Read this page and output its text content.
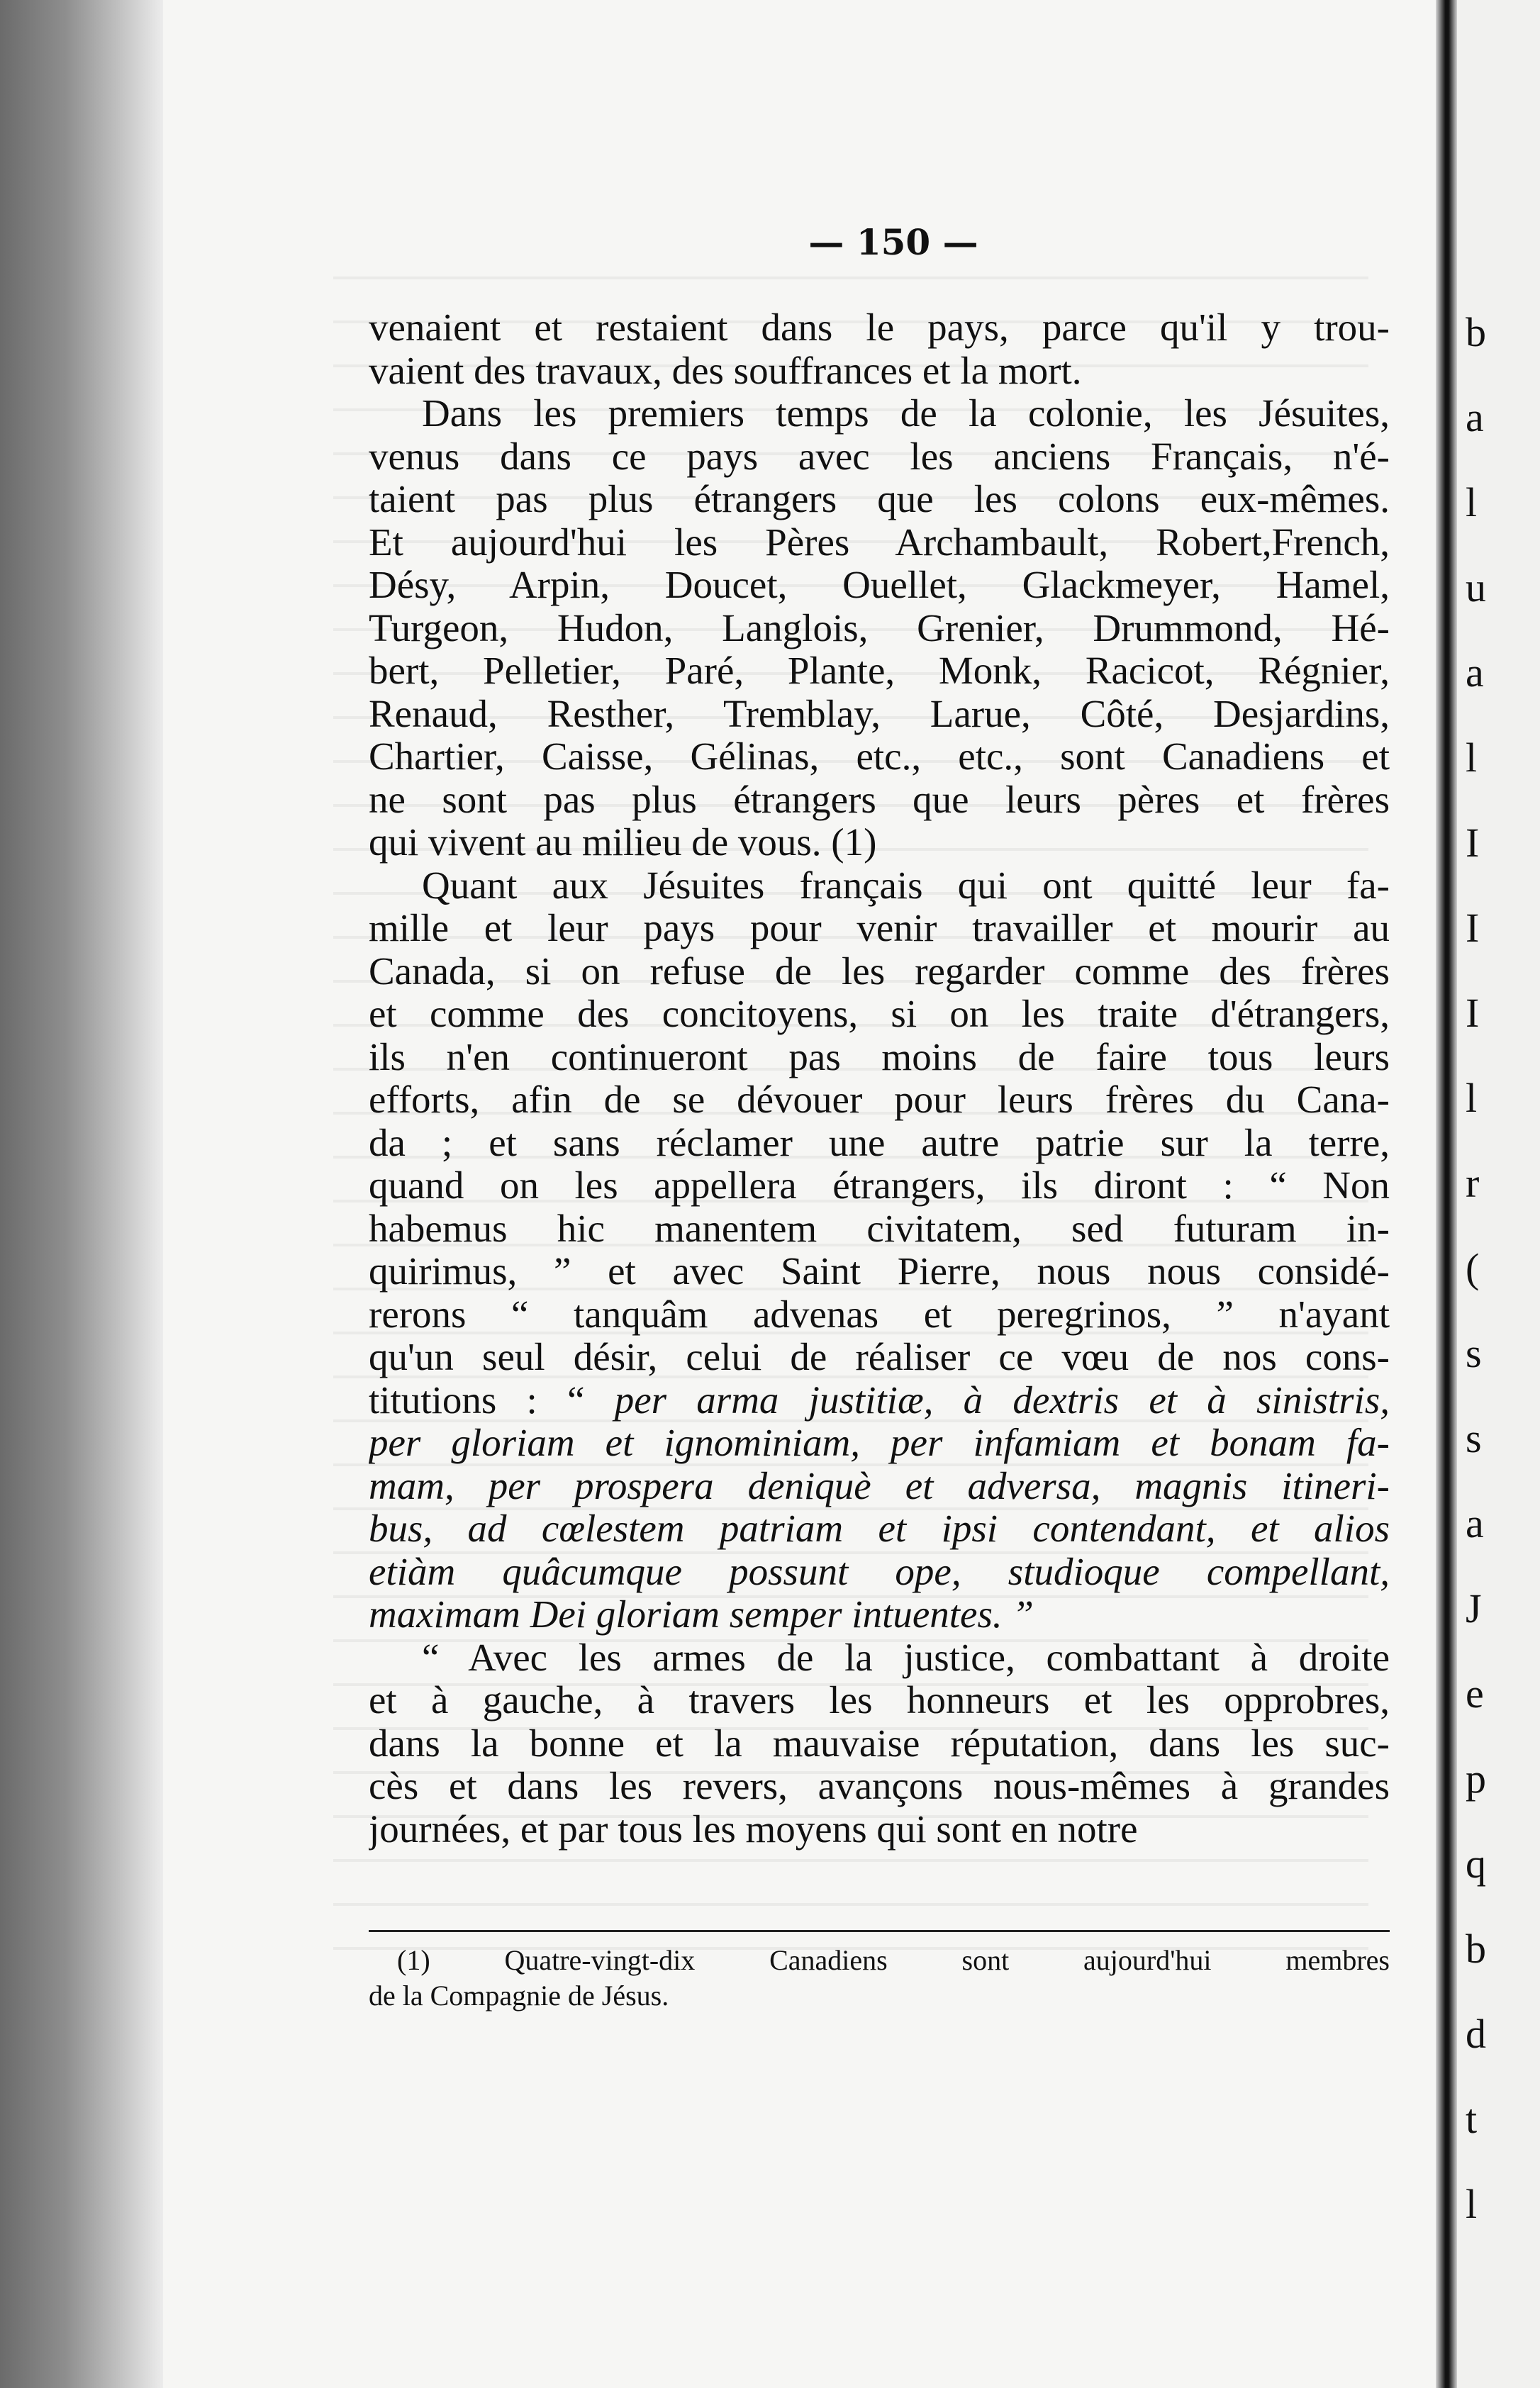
b
a
l
u
a
l
I
I
I
l
r
(
s
s
a
J
e
p
q
b
d
t
l
— 150 —
venaient et restaient dans le pays, parce qu'il y trou-
vaient des travaux, des souffrances et la mort.
Dans les premiers temps de la colonie, les Jésuites,
venus dans ce pays avec les anciens Français, n'é-
taient pas plus étrangers que les colons eux-mêmes.
Et aujourd'hui les Pères Archambault, Robert,French,
Désy, Arpin, Doucet, Ouellet, Glackmeyer, Hamel,
Turgeon, Hudon, Langlois, Grenier, Drummond, Hé-
bert, Pelletier, Paré, Plante, Monk, Racicot, Régnier,
Renaud, Resther, Tremblay, Larue, Côté, Desjardins,
Chartier, Caisse, Gélinas, etc., etc., sont Canadiens et
ne sont pas plus étrangers que leurs pères et frères
qui vivent au milieu de vous. (1)
Quant aux Jésuites français qui ont quitté leur fa-
mille et leur pays pour venir travailler et mourir au
Canada, si on refuse de les regarder comme des frères
et comme des concitoyens, si on les traite d'étrangers,
ils n'en continueront pas moins de faire tous leurs
efforts, afin de se dévouer pour leurs frères du Cana-
da ; et sans réclamer une autre patrie sur la terre,
quand on les appellera étrangers, ils diront : “ Non
habemus hic manentem civitatem, sed futuram in-
quirimus, ” et avec Saint Pierre, nous nous considé-
rerons “ tanquâm advenas et peregrinos, ” n'ayant
qu'un seul désir, celui de réaliser ce vœu de nos cons-
titutions : “ per arma justitiæ, à dextris et à sinistris,
per gloriam et ignominiam, per infamiam et bonam fa-
mam, per prospera deniquè et adversa, magnis itineri-
bus, ad cœlestem patriam et ipsi contendant, et alios
etiàm quâcumque possunt ope, studioque compellant,
maximam Dei gloriam semper intuentes. ”
“ Avec les armes de la justice, combattant à droite
et à gauche, à travers les honneurs et les opprobres,
dans la bonne et la mauvaise réputation, dans les suc-
cès et dans les revers, avançons nous-mêmes à grandes
journées, et par tous les moyens qui sont en notre
(1) Quatre-vingt-dix Canadiens sont aujourd'hui membres
de la Compagnie de Jésus.
